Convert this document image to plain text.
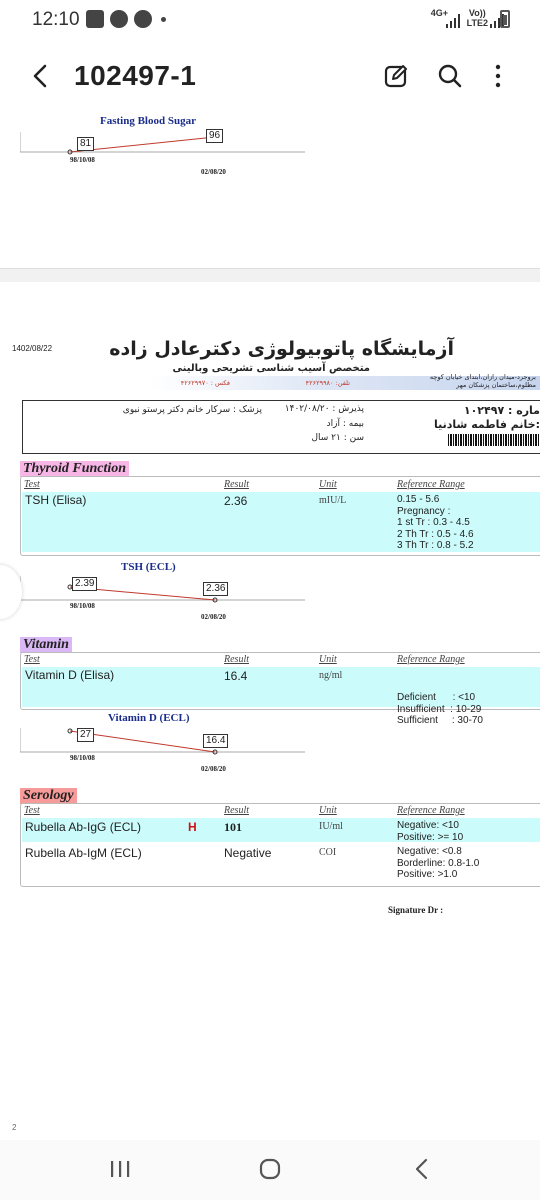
12:10	4G+ Vo))
LTE2
102497-1
Fasting Blood Sugar
81
96
98/10/08
02/08/20
1402/08/22	آزمایشگاه پاتوبیولوژی دکترعادل زاده
متخصص آسیب شناسی تشریحی وبالینی
بروجرد-میدان رازان،ابتدای خیابان کوچه مظلوم،ساختمان پزشکان مهر
تلفن: ۴۲۶۲۹۹۸۰
فکس : ۴۲۶۲۹۹۷۰
ماره : ۱۰۲۴۹۷
:خانم فاطمه شادنیا
پذیرش : ۱۴۰۲/۰۸/۲۰
بیمه : آزاد
سن : ۲۱ سال
پزشک : سرکار خانم دکتر پرستو نبوی
Thyroid Function
Test	Result	Unit	Reference Range
TSH (Elisa)	2.36	mIU/L	0.15 - 5.6
Pregnancy :
1 st Tr : 0.3 - 4.5
2 Th Tr : 0.5 - 4.6
3 Th Tr : 0.8 - 5.2
TSH (ECL)
2.39	2.36
98/10/08
02/08/20
Vitamin
Test	Result	Unit	Reference Range
Vitamin D (Elisa)	16.4	ng/ml

Deficient      : <10
Insufficient  : 10-29
Sufficient     : 30-70

Vitamin D (ECL)
27
16.4
98/10/08
02/08/20
Serology
Test	Result	Unit	Reference Range
Rubella Ab-IgG (ECL)	H 101	IU/ml	Negative: <10
Positive: >= 10
Rubella Ab-IgM (ECL)	Negative	COI	Negative: <0.8
Borderline: 0.8-1.0
Positive: >1.0
Signature Dr :
2
